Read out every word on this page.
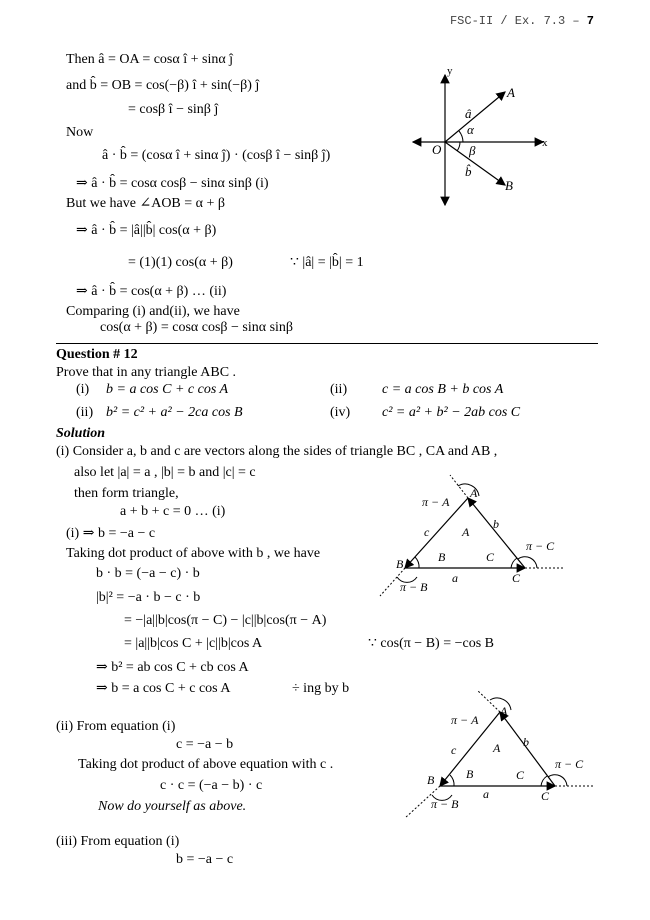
FSC-II / Ex. 7.3 – 7
Then â = OA = cosα î + sinα ĵ
and b̂ = OB = cos(−β) î + sin(−β) ĵ
= cosβ î − sinβ ĵ
Now
â · b̂ = (cosα î + sinα ĵ) · (cosβ î − sinβ ĵ)
⇒ â · b̂ = cosα cosβ − sinα sinβ (i)
But we have ∠AOB = α + β
⇒ â · b̂ = |â||b̂| cos(α + β)
= (1)(1) cos(α + β)	∵ |â| = |b̂| = 1
⇒ â · b̂ = cos(α + β) … (ii)
Comparing (i) and(ii), we have
cos(α + β) = cosα cosβ − sinα sinβ
x
y
O
A
B
â
b̂
α
β
Question # 12
Prove that in any triangle ABC .
(i) b = a cos C + c cos A	(ii) c = a cos B + b cos A
(ii) b² = c² + a² − 2ca cos B	(iv) c² = a² + b² − 2ab cos C
Solution
(i) Consider a, b and c are vectors along the sides of triangle BC , CA and AB ,
also let |a| = a , |b| = b and |c| = c
then form triangle,
a + b + c = 0 … (i)
(i) ⇒ b = −a − c
Taking dot product of above with b , we have
b · b = (−a − c) · b
|b|² = −a · b − c · b
= −|a||b|cos(π − C) − |c||b|cos(π − A)
= |a||b|cos C + |c||b|cos A	∵ cos(π − B) = −cos B
⇒ b² = ab cos C + cb cos A
⇒ b = a cos C + c cos A	÷ ing by b
(ii) From equation (i)
c = −a − b
Taking dot product of above equation with c .
c · c = (−a − b) · c
Now do yourself as above.
(iii) From equation (i)
b = −a − c
A
B
C
A
B	C
a
b
c
π − A
π − B
π − C
A
B
C
A
B	C
a
b
c
π − A
π − B
π − C
